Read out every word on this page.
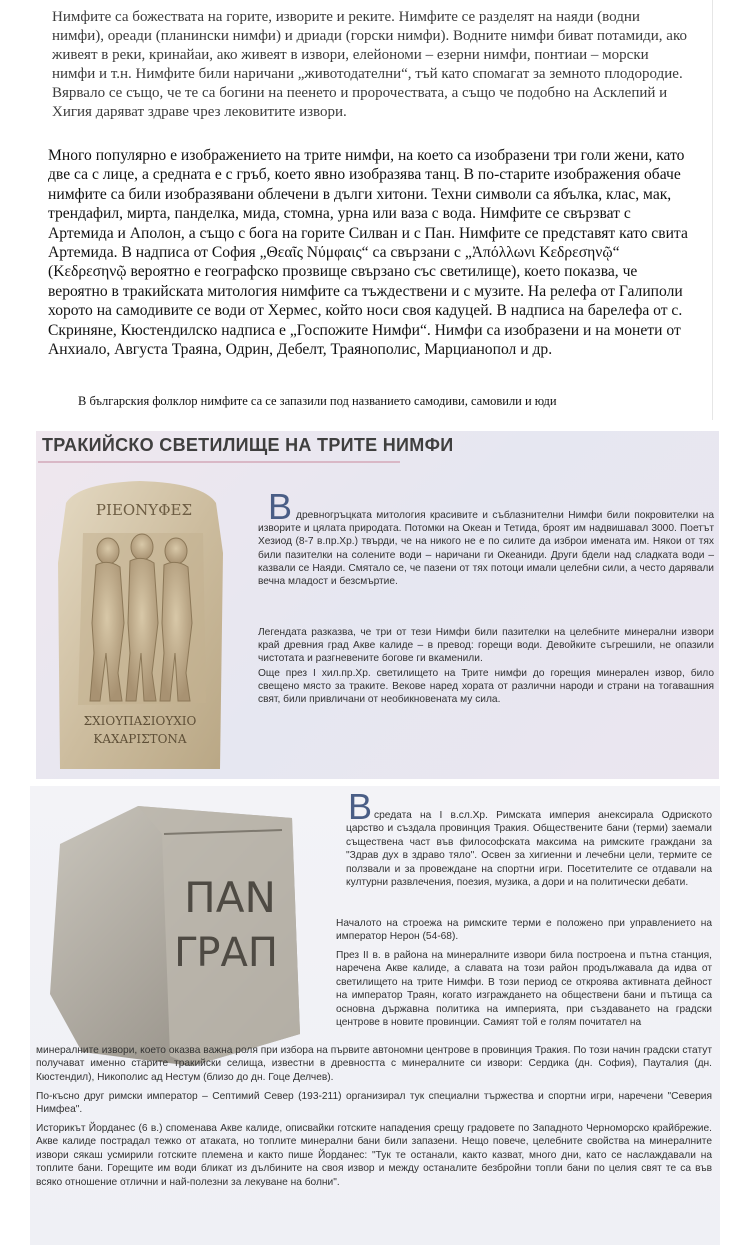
Нимфите са божествата на горите, изворите и реките. Нимфите се разделят на наяди (водни нимфи), ореади (планински нимфи) и дриади (горски нимфи). Водните нимфи биват потамиди, ако живеят в реки, кринайаи, ако живеят в извори, елейономи – езерни нимфи, понтиаи – морски нимфи и т.н. Нимфите били наричани „животодателни“, тъй като спомагат за земното плодородие. Вярвало се също, че те са богини на пеенето и пророчествата, а също че подобно на Асклепий и Хигия даряват здраве чрез лековитите извори.

Много популярно е изображението на трите нимфи, на което са изобразени три голи жени, като две са с лице, а средната е с гръб, което явно изобразява танц. В по-старите изображения обаче нимфите са били изобразявани облечени в дълги хитони. Техни символи са ябълка, клас, мак, трендафил, мирта, панделка, мида, стомна, урна или ваза с вода. Нимфите се свързват с Артемида и Аполон, а също с бога на горите Силван и с Пан. Нимфите се представят като свита Артемида. В надписа от София „Θεαῖς Νύμφαις“ са свързани с „Ἀπόλλωνι Κεδρεσηνῷ“ (Κεδρεσηνῷ вероятно е географско прозвище свързано със светилище), което показва, че вероятно в тракийската митология нимфите са тъждествени и с музите. На релефа от Галиполи хорото на самодивите се води от Хермес, който носи своя кадуцей. В надписа на барелефа от с. Скриняне, Кюстендилско надписа е „Госпожите Нимфи“. Нимфи са изобразени и на монети от Анхиало, Августа Траяна, Одрин, Дебелт, Траянополис, Марцианопол и др.

В българския фолклор нимфите са се запазили под названието самодиви, самовили и юди

ТРАКИЙСКО СВЕТИЛИЩЕ НА ТРИТЕ НИМФИ
ΡΙΕΟΝΥΦΕΣ
ΣΧΙΟΥΠΑΣΙΟΥΧΙΟ
ΚΑΧΑΡΙΣΤΟΝΑ
В древногръцката митология красивите и съблазнителни Нимфи били покровителки на изворите и цялата природата. Потомки на Океан и Тетида, броят им надвишавал 3000. Поетът Хезиод (8-7 в.пр.Хр.) твърди, че на никого не е по силите да изброи имената им. Някои от тях били пазителки на солените води – наричани ги Океаниди. Други бдели над сладката води – казвали се Наяди. Смятало се, че пазени от тях потоци имали целебни сили, а често дарявали вечна младост и безсмъртие.

Легендата разказва, че три от тези Нимфи били пазителки на целебните минерални извори край древния град Акве калиде – в превод: горещи води. Девойките съгрешили, не опазили чистотата и разгневените богове ги вкаменили.

Още през I хил.пр.Хр. светилището на Трите нимфи до горещия минерален извор, било свещено място за траките. Векове наред хората от различни народи и страни на тогавашния свят, били привличани от необикновената му сила.

ΠΑΝ
ΓΡΑΠ
В средата на I в.сл.Хр. Римската империя анексирала Одриското царство и създала провинция Тракия. Обществените бани (терми) заемали съществена част във философската максима на римските граждани за "Здрав дух в здраво тяло". Освен за хигиенни и лечебни цели, термите се ползвали и за провеждане на спортни игри. Посетителите се отдавали на културни развлечения, поезия, музика, а дори и на политически дебати.

Началото на строежа на римските терми е положено при управлението на император Нерон (54-68).

През II в. в района на минералните извори била построена и пътна станция, наречена Акве калиде, а славата на този район продължавала да идва от светилището на трите Нимфи. В този период се откроява активната дейност на император Траян, когато изграждането на обществени бани и пътища са основна държавна политика на империята, при създаването на градски центрове в новите провинции. Самият той е голям почитател на

минералните извори, което оказва важна роля при избора на първите автономни центрове в провинция Тракия. По този начин градски статут получават именно старите тракийски селища, известни в древността с минералните си извори: Сердика (дн. София), Пауталия (дн. Кюстендил), Никополис ад Нестум (близо до дн. Гоце Делчев).

По-късно друг римски император – Септимий Север (193-211) организирал тук специални тържества и спортни игри, наречени "Северия Нимфеа".

Историкът Йорданес (6 в.) споменава Акве калиде, описвайки готските нападения срещу градовете по Западното Черноморско крайбрежие. Акве калиде пострадал тежко от атаката, но топлите минерални бани били запазени. Нещо повече, целебните свойства на минералните извори сякаш усмирили готските племена и както пише Йорданес: "Тук те останали, както казват, много дни, като се наслаждавали на топлите бани. Горещите им води бликат из дълбините на своя извор и между останалите безбройни топли бани по целия свят те са във всяко отношение отлични и най-полезни за лекуване на болни".
